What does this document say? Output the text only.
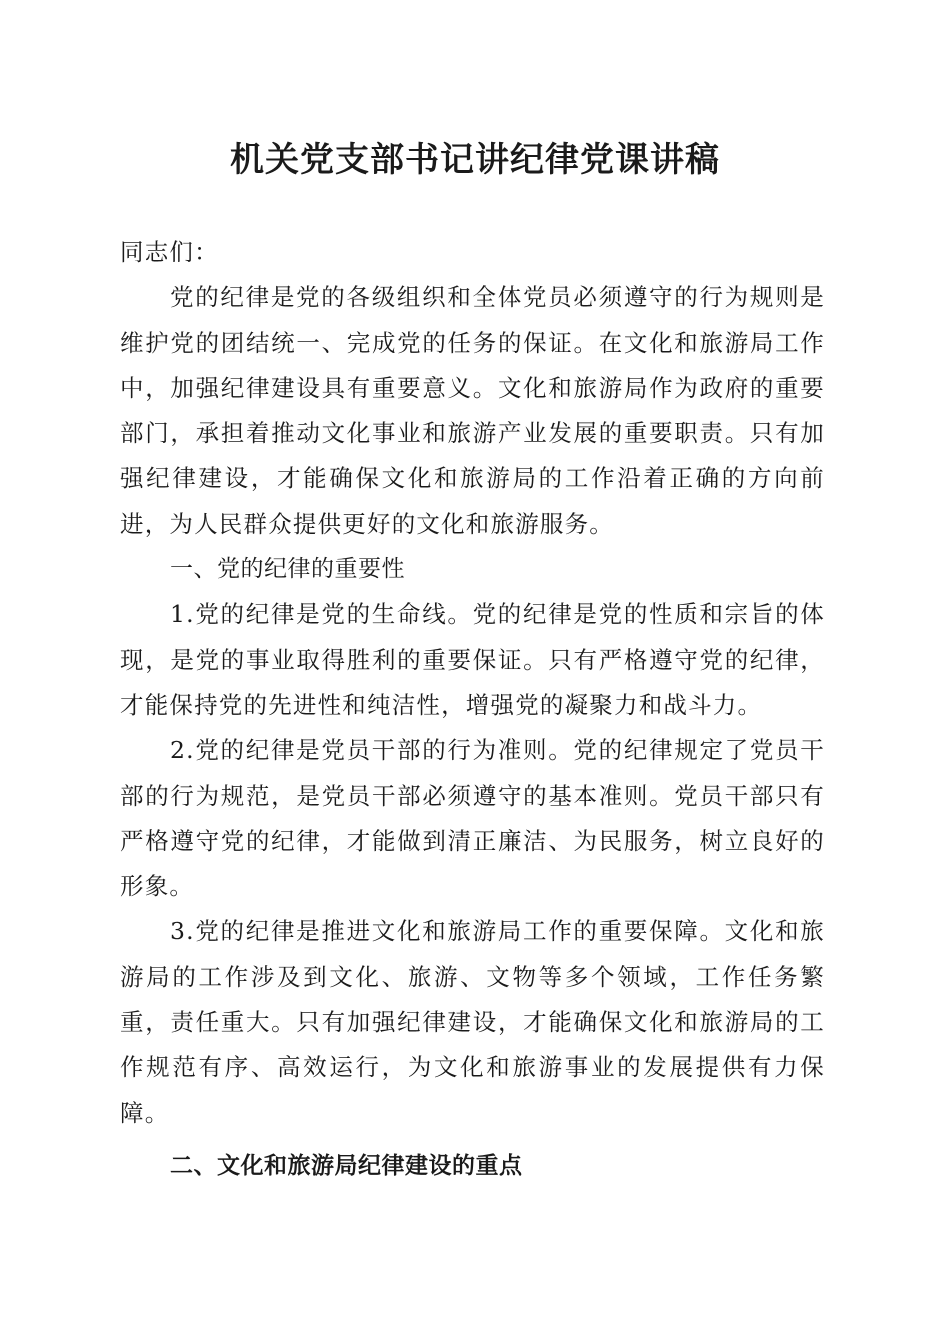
机关党支部书记讲纪律党课讲稿

同志们：

党的纪律是党的各级组织和全体党员必须遵守的行为规则是维护党的团结统一、完成党的任务的保证。在文化和旅游局工作中，加强纪律建设具有重要意义。文化和旅游局作为政府的重要部门，承担着推动文化事业和旅游产业发展的重要职责。只有加强纪律建设，才能确保文化和旅游局的工作沿着正确的方向前进，为人民群众提供更好的文化和旅游服务。

一、党的纪律的重要性

1.党的纪律是党的生命线。党的纪律是党的性质和宗旨的体现，是党的事业取得胜利的重要保证。只有严格遵守党的纪律，才能保持党的先进性和纯洁性，增强党的凝聚力和战斗力。

2.党的纪律是党员干部的行为准则。党的纪律规定了党员干部的行为规范，是党员干部必须遵守的基本准则。党员干部只有严格遵守党的纪律，才能做到清正廉洁、为民服务，树立良好的形象。

3.党的纪律是推进文化和旅游局工作的重要保障。文化和旅游局的工作涉及到文化、旅游、文物等多个领域，工作任务繁重，责任重大。只有加强纪律建设，才能确保文化和旅游局的工作规范有序、高效运行，为文化和旅游事业的发展提供有力保障。

二、文化和旅游局纪律建设的重点
